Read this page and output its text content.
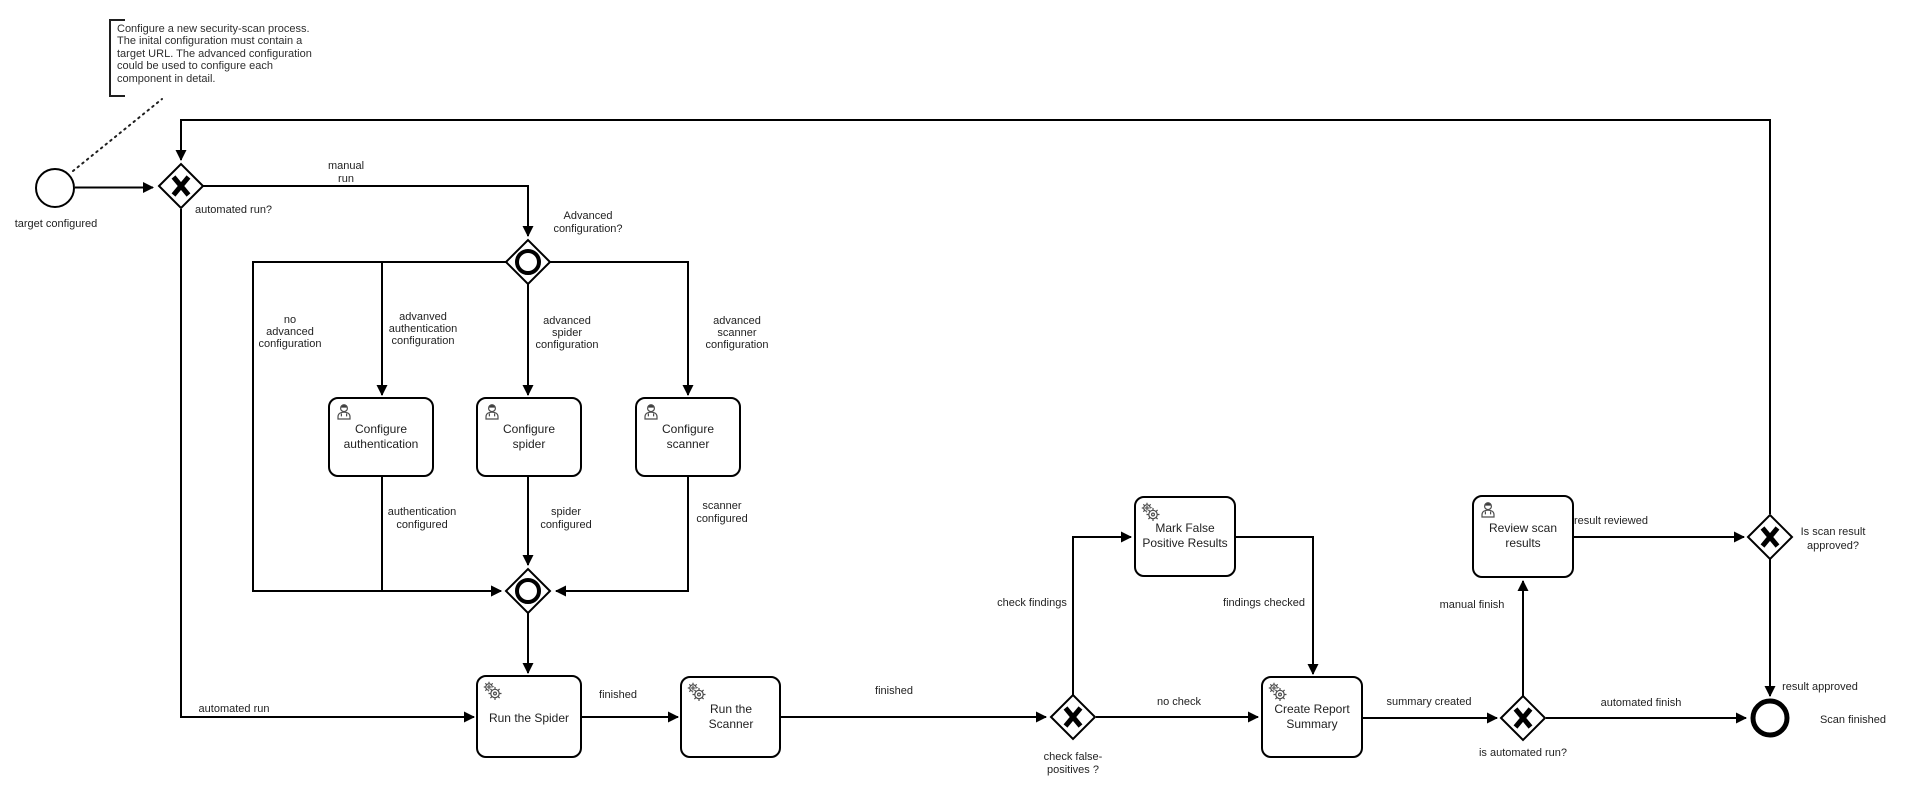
Configure a new security-scan process.
The inital configuration must contain a
target URL. The advanced configuration
could be used to configure each
component in detail.
target configured
Scan finished
automated run?	Advanced
configuration?
check false-
positives ?
is automated run?
Is scan result
approved?
Configure
authentication
Configure
spider
Configure
scanner
Run the Spider
Run the
Scanner
Mark False
Positive Results
Create Report
Summary
Review scan
results
manual
run
no
advanced
configuration
advanved
authentication
configuration
advanced
spider
configuration
advanced
scanner
configuration
authentication
configured
spider
configured
scanner
configured
automated run
finished	finished
check findings	findings checked
no check	summary created
manual finish
result reviewed
result approved
automated finish
